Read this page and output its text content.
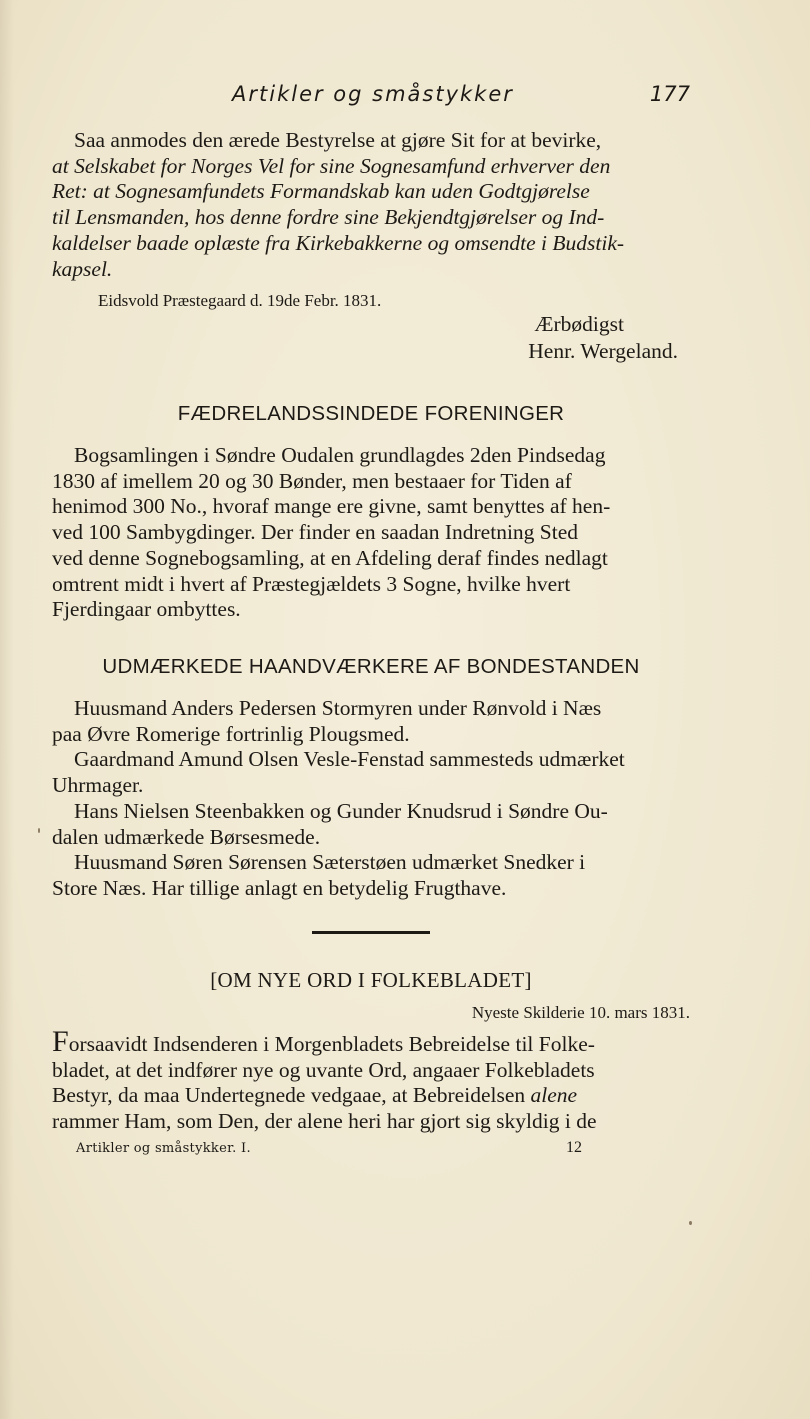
Artikler og småstykker	177

Saa anmodes den ærede Bestyrelse at gjøre Sit for at bevirke,

at Selskabet for Norges Vel for sine Sognesamfund erhverver den

Ret: at Sognesamfundets Formandskab kan uden Godtgjørelse

til Lensmanden, hos denne fordre sine Bekjendtgjørelser og Ind-

kaldelser baade oplæste fra Kirkebakkerne og omsendte i Budstik-

kapsel.

Eidsvold Præstegaard d. 19de Febr. 1831.
Ærbødigst
Henr. Wergeland.
FÆDRELANDSSINDEDE FORENINGER

Bogsamlingen i Søndre Oudalen grundlagdes 2den Pindsedag

1830 af imellem 20 og 30 Bønder, men bestaaer for Tiden af

henimod 300 No., hvoraf mange ere givne, samt benyttes af hen-

ved 100 Sambygdinger. Der finder en saadan Indretning Sted

ved denne Sognebogsamling, at en Afdeling deraf findes nedlagt

omtrent midt i hvert af Præstegjældets 3 Sogne, hvilke hvert

Fjerdingaar ombyttes.

UDMÆRKEDE HAANDVÆRKERE AF BONDESTANDEN

Huusmand Anders Pedersen Stormyren under Rønvold i Næs

paa Øvre Romerige fortrinlig Plougsmed.

Gaardmand Amund Olsen Vesle-Fenstad sammesteds udmærket

Uhrmager.

Hans Nielsen Steenbakken og Gunder Knudsrud i Søndre Ou-

dalen udmærkede Børsesmede.

Huusmand Søren Sørensen Sæterstøen udmærket Snedker i

Store Næs. Har tillige anlagt en betydelig Frugthave.

[OM NYE ORD I FOLKEBLADET]
Nyeste Skilderie 10. mars 1831.

Forsaavidt Indsenderen i Morgenbladets Bebreidelse til Folke-

bladet, at det indfører nye og uvante Ord, angaaer Folkebladets

Bestyr, da maa Undertegnede vedgaae, at Bebreidelsen alene

rammer Ham, som Den, der alene heri har gjort sig skyldig i de

Artikler og småstykker. I.	12
